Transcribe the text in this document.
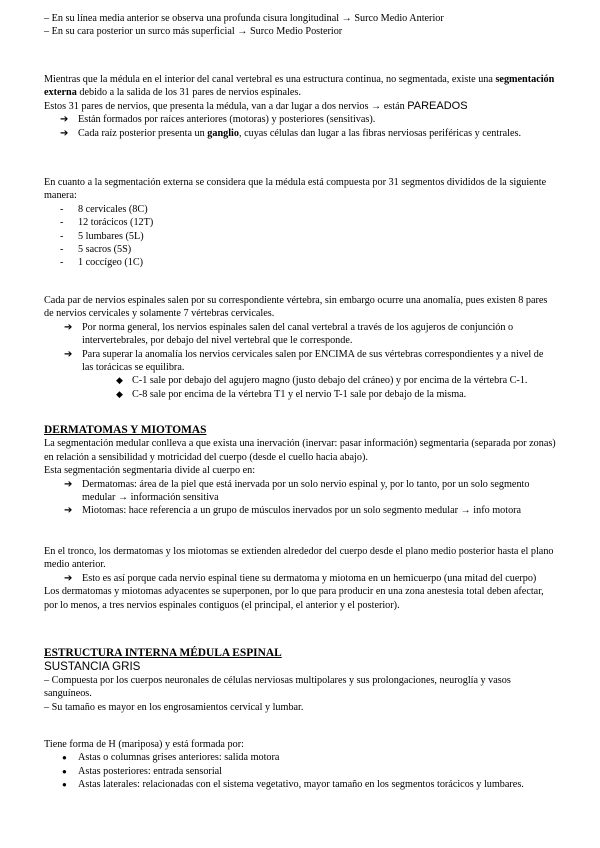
– En su línea media anterior se observa una profunda cisura longitudinal → Surco Medio Anterior

– En su cara posterior un surco más superficial → Surco Medio Posterior

Mientras que la médula en el interior del canal vertebral es una estructura continua, no segmentada, existe una segmentación externa debido a la salida de los 31 pares de nervios espinales.

Estos 31 pares de nervios, que presenta la médula, van a dar lugar a dos nervios → están PAREADOS

➔ Están formados por raíces anteriores (motoras) y posteriores (sensitivas).
➔ Cada raíz posterior presenta un ganglio, cuyas células dan lugar a las fibras nerviosas periféricas y centrales.

En cuanto a la segmentación externa se considera que la médula está compuesta por 31 segmentos divididos de la siguiente manera:

- 8 cervicales (8C)
- 12 torácicos (12T)
- 5 lumbares (5L)
- 5 sacros (5S)
- 1 coccígeo (1C)

Cada par de nervios espinales salen por su correspondiente vértebra, sin embargo ocurre una anomalía, pues existen 8 pares de nervios cervicales y solamente 7 vértebras cervicales.

➔ Por norma general, los nervios espinales salen del canal vertebral a través de los agujeros de conjunción o intervertebrales, por debajo del nivel vertebral que le corresponde.
➔ Para superar la anomalía los nervios cervicales salen por ENCIMA de sus vértebras correspondientes y a nivel de las torácicas se equilibra.
◆ C-1 sale por debajo del agujero magno (justo debajo del cráneo) y por encima de la vértebra C-1.
◆ C-8 sale por encima de la vértebra T1 y el nervio T-1 sale por debajo de la misma.

DERMATOMAS Y MIOTOMAS

La segmentación medular conlleva a que exista una inervación (inervar: pasar información) segmentaria (separada por zonas) en relación a sensibilidad y motricidad del cuerpo (desde el cuello hacia abajo).

Esta segmentación segmentaria divide al cuerpo en:

➔ Dermatomas: área de la piel que está inervada por un solo nervio espinal y, por lo tanto, por un solo segmento medular → información sensitiva
➔ Miotomas: hace referencia a un grupo de músculos inervados por un solo segmento medular → info motora

En el tronco, los dermatomas y los miotomas se extienden alrededor del cuerpo desde el plano medio posterior hasta el plano medio anterior.

➔ Esto es así porque cada nervio espinal tiene su dermatoma y miotoma en un hemicuerpo (una mitad del cuerpo)

Los dermatomas y miotomas adyacentes se superponen, por lo que para producir en una zona anestesia total deben afectar, por lo menos, a tres nervios espinales contiguos (el principal, el anterior y el posterior).

ESTRUCTURA INTERNA MÉDULA ESPINAL

SUSTANCIA GRIS

– Compuesta por los cuerpos neuronales de células nerviosas multipolares y sus prolongaciones, neuroglía y vasos sanguíneos.

– Su tamaño es mayor en los engrosamientos cervical y lumbar.

Tiene forma de H (mariposa) y está formada por:

● Astas o columnas grises anteriores: salida motora
● Astas posteriores: entrada sensorial
● Astas laterales: relacionadas con el sistema vegetativo, mayor tamaño en los segmentos torácicos y lumbares.
